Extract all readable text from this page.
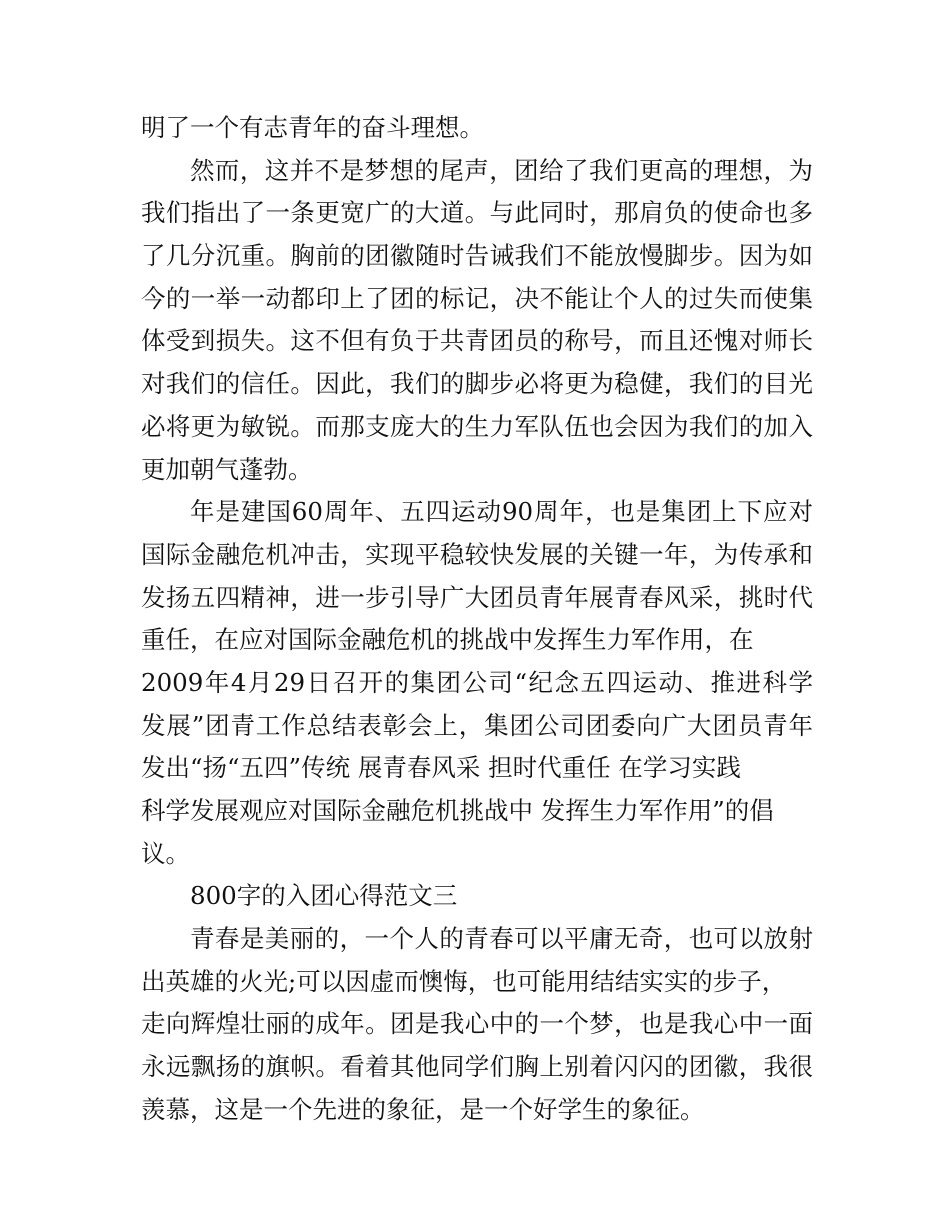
明了一个有志青年的奋斗理想。
然而，这并不是梦想的尾声，团给了我们更高的理想，为
我们指出了一条更宽广的大道。与此同时，那肩负的使命也多
了几分沉重。胸前的团徽随时告诫我们不能放慢脚步。因为如
今的一举一动都印上了团的标记，决不能让个人的过失而使集
体受到损失。这不但有负于共青团员的称号，而且还愧对师长
对我们的信任。因此，我们的脚步必将更为稳健，我们的目光
必将更为敏锐。而那支庞大的生力军队伍也会因为我们的加入
更加朝气蓬勃。
年是建国60周年、五四运动90周年，也是集团上下应对
国际金融危机冲击，实现平稳较快发展的关键一年，为传承和
发扬五四精神，进一步引导广大团员青年展青春风采，挑时代
重任，在应对国际金融危机的挑战中发挥生力军作用，在
2009年4月29日召开的集团公司“纪念五四运动、推进科学
发展”团青工作总结表彰会上，集团公司团委向广大团员青年
发出“扬“五四”传统 展青春风采 担时代重任 在学习实践
科学发展观应对国际金融危机挑战中 发挥生力军作用”的倡
议。
800字的入团心得范文三
青春是美丽的，一个人的青春可以平庸无奇，也可以放射
出英雄的火光;可以因虚而懊悔，也可能用结结实实的步子，
走向辉煌壮丽的成年。团是我心中的一个梦，也是我心中一面
永远飘扬的旗帜。看着其他同学们胸上别着闪闪的团徽，我很
羡慕，这是一个先进的象征，是一个好学生的象征。
